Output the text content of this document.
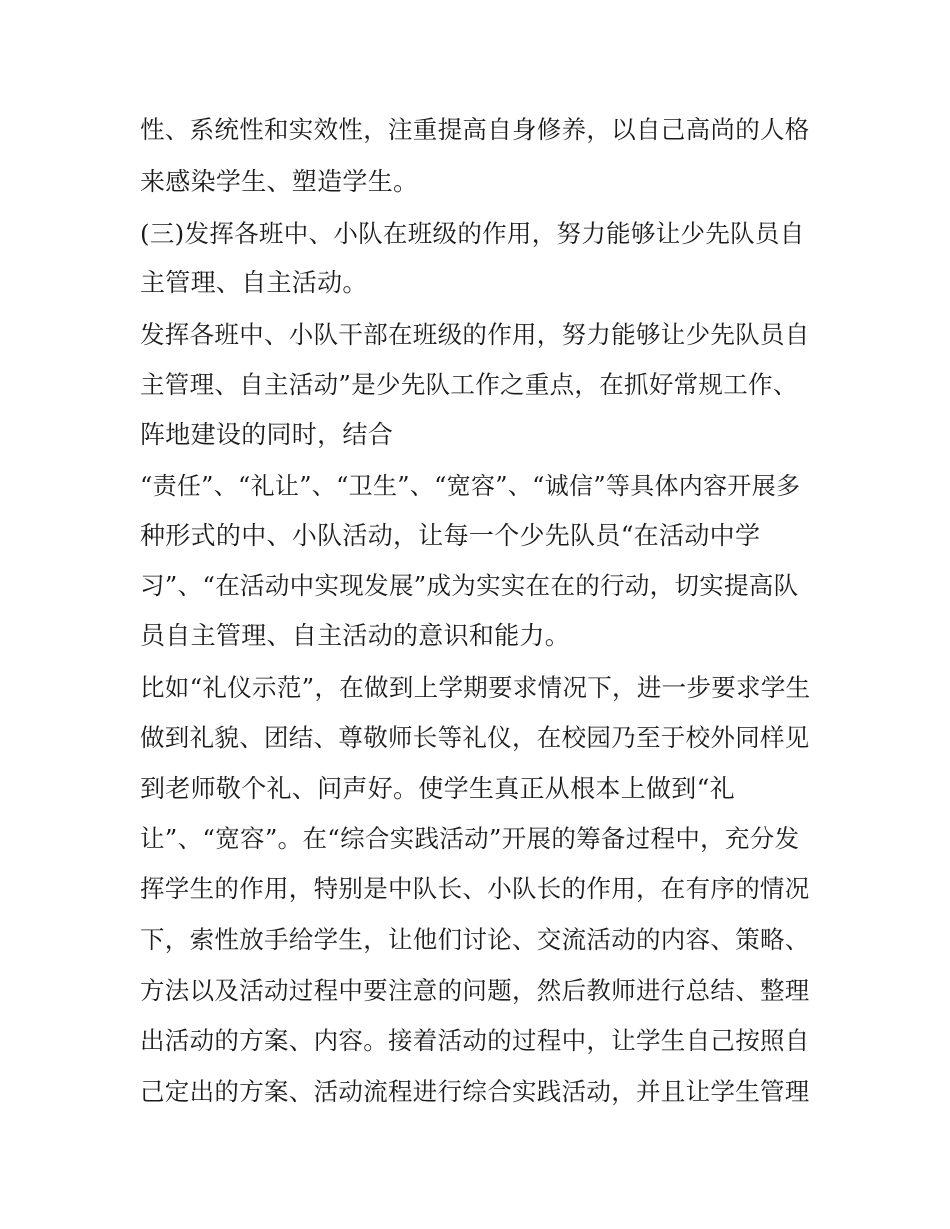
性、系统性和实效性，注重提高自身修养，以自己高尚的人格
来感染学生、塑造学生。
(三)发挥各班中、小队在班级的作用，努力能够让少先队员自
主管理、自主活动。
发挥各班中、小队干部在班级的作用，努力能够让少先队员自
主管理、自主活动”是少先队工作之重点，在抓好常规工作、
阵地建设的同时，结合
“责任”、“礼让”、“卫生”、“宽容”、“诚信”等具体内容开展多
种形式的中、小队活动，让每一个少先队员“在活动中学
习”、“在活动中实现发展”成为实实在在的行动，切实提高队
员自主管理、自主活动的意识和能力。
比如“礼仪示范”，在做到上学期要求情况下，进一步要求学生
做到礼貌、团结、尊敬师长等礼仪，在校园乃至于校外同样见
到老师敬个礼、问声好。使学生真正从根本上做到“礼
让”、“宽容”。在“综合实践活动”开展的筹备过程中，充分发
挥学生的作用，特别是中队长、小队长的作用，在有序的情况
下，索性放手给学生，让他们讨论、交流活动的内容、策略、
方法以及活动过程中要注意的问题，然后教师进行总结、整理
出活动的方案、内容。接着活动的过程中，让学生自己按照自
己定出的方案、活动流程进行综合实践活动，并且让学生管理
